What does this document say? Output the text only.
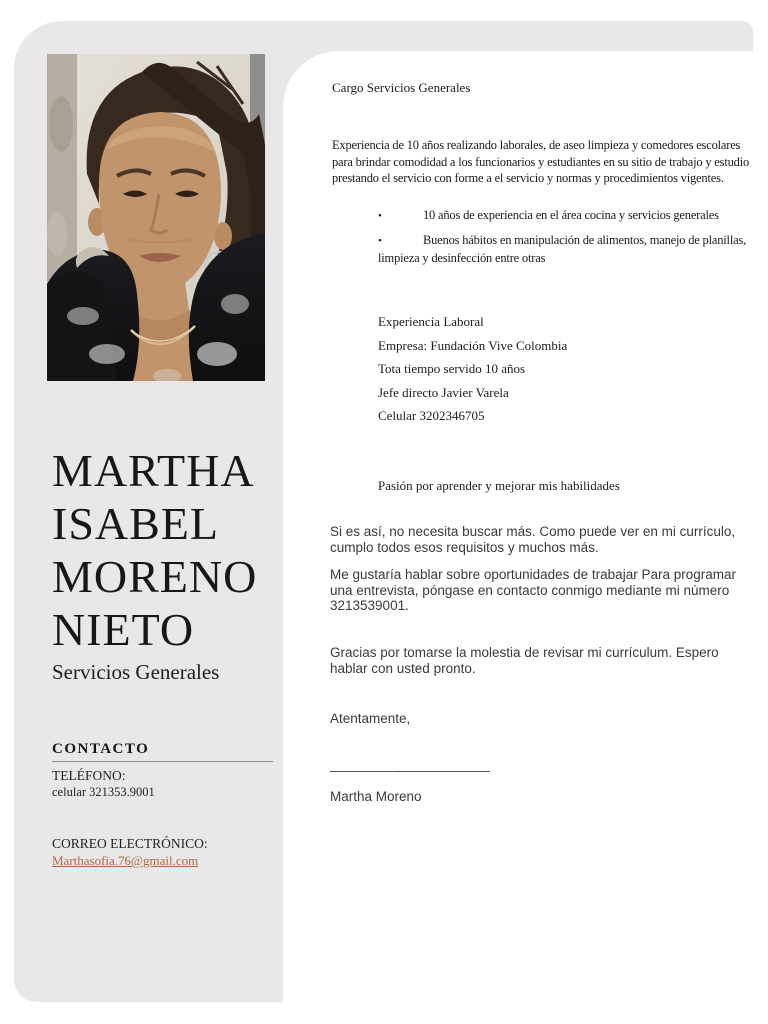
MARTHA
ISABEL
MORENO
NIETO
Servicios Generales
CONTACTO
TELÉFONO:
celular 321353.9001
CORREO ELECTRÓNICO:
Marthasofia.76@gmail.com
Cargo Servicios Generales
Experiencia de 10 años realizando laborales, de aseo limpieza y comedores escolares para brindar comodidad a los funcionarios y estudiantes en su sitio de trabajo y estudio prestando el servicio con forme a el servicio y normas y procedimientos vigentes.
•	10 años de experiencia en el área cocina y servicios generales
•	Buenos hábitos en manipulación de alimentos, manejo de planillas, limpieza y desinfección entre otras
Experiencia Laboral
Empresa: Fundación Vive Colombia
Tota tiempo servido 10 años
Jefe directo Javier Varela
Celular 3202346705
Pasión por aprender y mejorar mis habilidades
Si es así, no necesita buscar más. Como puede ver en mi currículo, cumplo todos esos requisitos y muchos más.
Me gustaría hablar sobre oportunidades de trabajar Para programar una entrevista, póngase en contacto conmigo mediante mi número 3213539001.
Gracias por tomarse la molestia de revisar mi currículum. Espero hablar con usted pronto.
Atentamente,
____________________
Martha Moreno
